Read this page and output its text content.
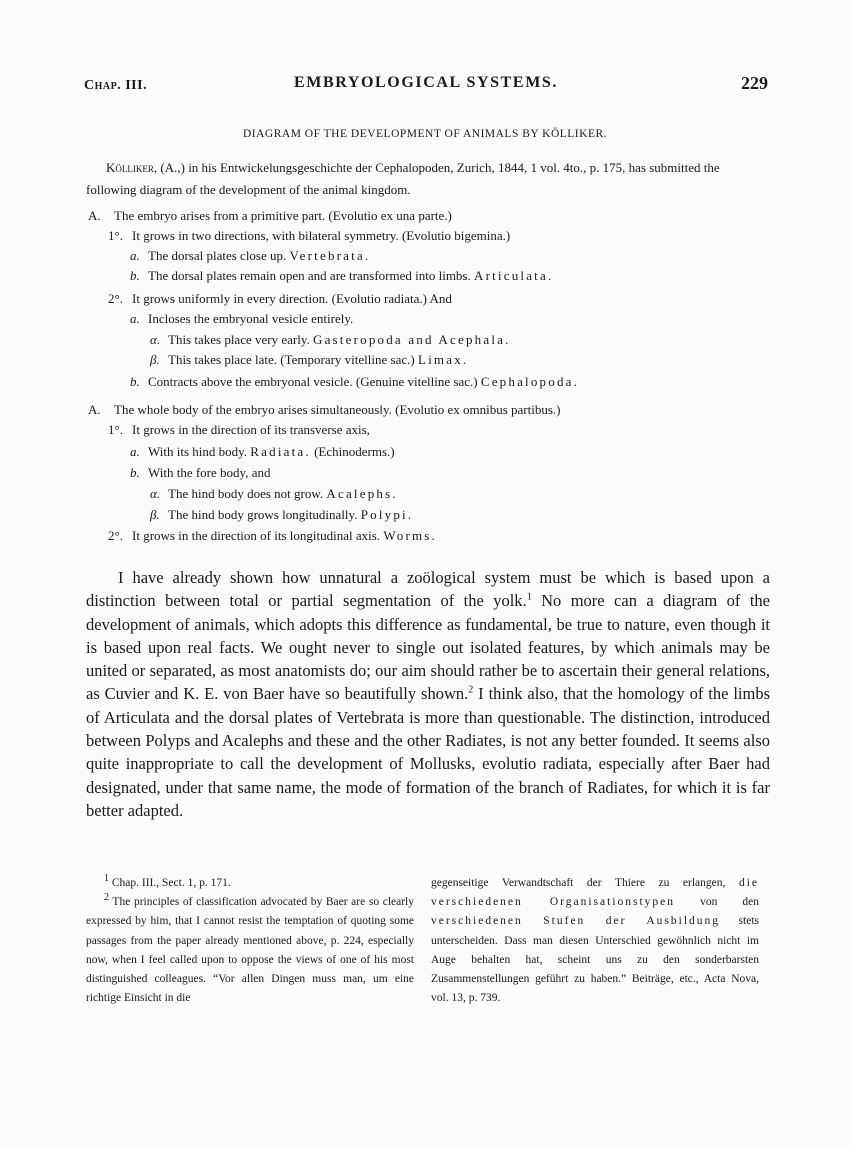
Chap. III.	EMBRYOLOGICAL SYSTEMS.	229
DIAGRAM OF THE DEVELOPMENT OF ANIMALS BY KÖLLIKER.
Kölliker, (A.,) in his Entwickelungsgeschichte der Cephalopoden, Zurich, 1844, 1 vol. 4to., p. 175, has submitted the following diagram of the development of the animal kingdom.
A. The embryo arises from a primitive part. (Evolutio ex una parte.)
1°. It grows in two directions, with bilateral symmetry. (Evolutio bigemina.)
a. The dorsal plates close up. Vertebrata.
b. The dorsal plates remain open and are transformed into limbs. Articulata.
2°. It grows uniformly in every direction. (Evolutio radiata.) And
a. Incloses the embryonal vesicle entirely.
α. This takes place very early. Gasteropoda and Acephala.
β. This takes place late. (Temporary vitelline sac.) Limax.
b. Contracts above the embryonal vesicle. (Genuine vitelline sac.) Cephalopoda.
A. The whole body of the embryo arises simultaneously. (Evolutio ex omnibus partibus.)
1°. It grows in the direction of its transverse axis,
a. With its hind body. Radiata. (Echinoderms.)
b. With the fore body, and
α. The hind body does not grow. Acalephs.
β. The hind body grows longitudinally. Polypi.
2°. It grows in the direction of its longitudinal axis. Worms.

I have already shown how unnatural a zoölogical system must be which is based upon a distinction between total or partial segmentation of the yolk.$^1$ No more can a diagram of the development of animals, which adopts this difference as fundamental, be true to nature, even though it is based upon real facts. We ought never to single out isolated features, by which animals may be united or separated, as most anatomists do; our aim should rather be to ascertain their general relations, as Cuvier and K. E. von Baer have so beautifully shown.$^2$ I think also, that the homology of the limbs of Articulata and the dorsal plates of Vertebrata is more than questionable. The distinction, introduced between Polyps and Acalephs and these and the other Radiates, is not any better founded. It seems also quite inappropriate to call the development of Mollusks, evolutio radiata, especially after Baer had designated, under that same name, the mode of formation of the branch of Radiates, for which it is far better adapted.

$^1$ Chap. III., Sect. 1, p. 171.

$^2$ The principles of classification advocated by Baer are so clearly expressed by him, that I cannot resist the temptation of quoting some passages from the paper already mentioned above, p. 224, especially now, when I feel called upon to oppose the views of one of his most distinguished colleagues. “Vor allen Dingen muss man, um eine richtige Einsicht in die

gegenseitige Verwandtschaft der Thiere zu erlangen, die verschiedenen Organisationstypen von den verschiedenen Stufen der Ausbildung stets unterscheiden. Dass man diesen Unterschied gewöhnlich nicht im Auge behalten hat, scheint uns zu den sonderbarsten Zusammenstellungen geführt zu haben.” Beiträge, etc., Acta Nova, vol. 13, p. 739.
